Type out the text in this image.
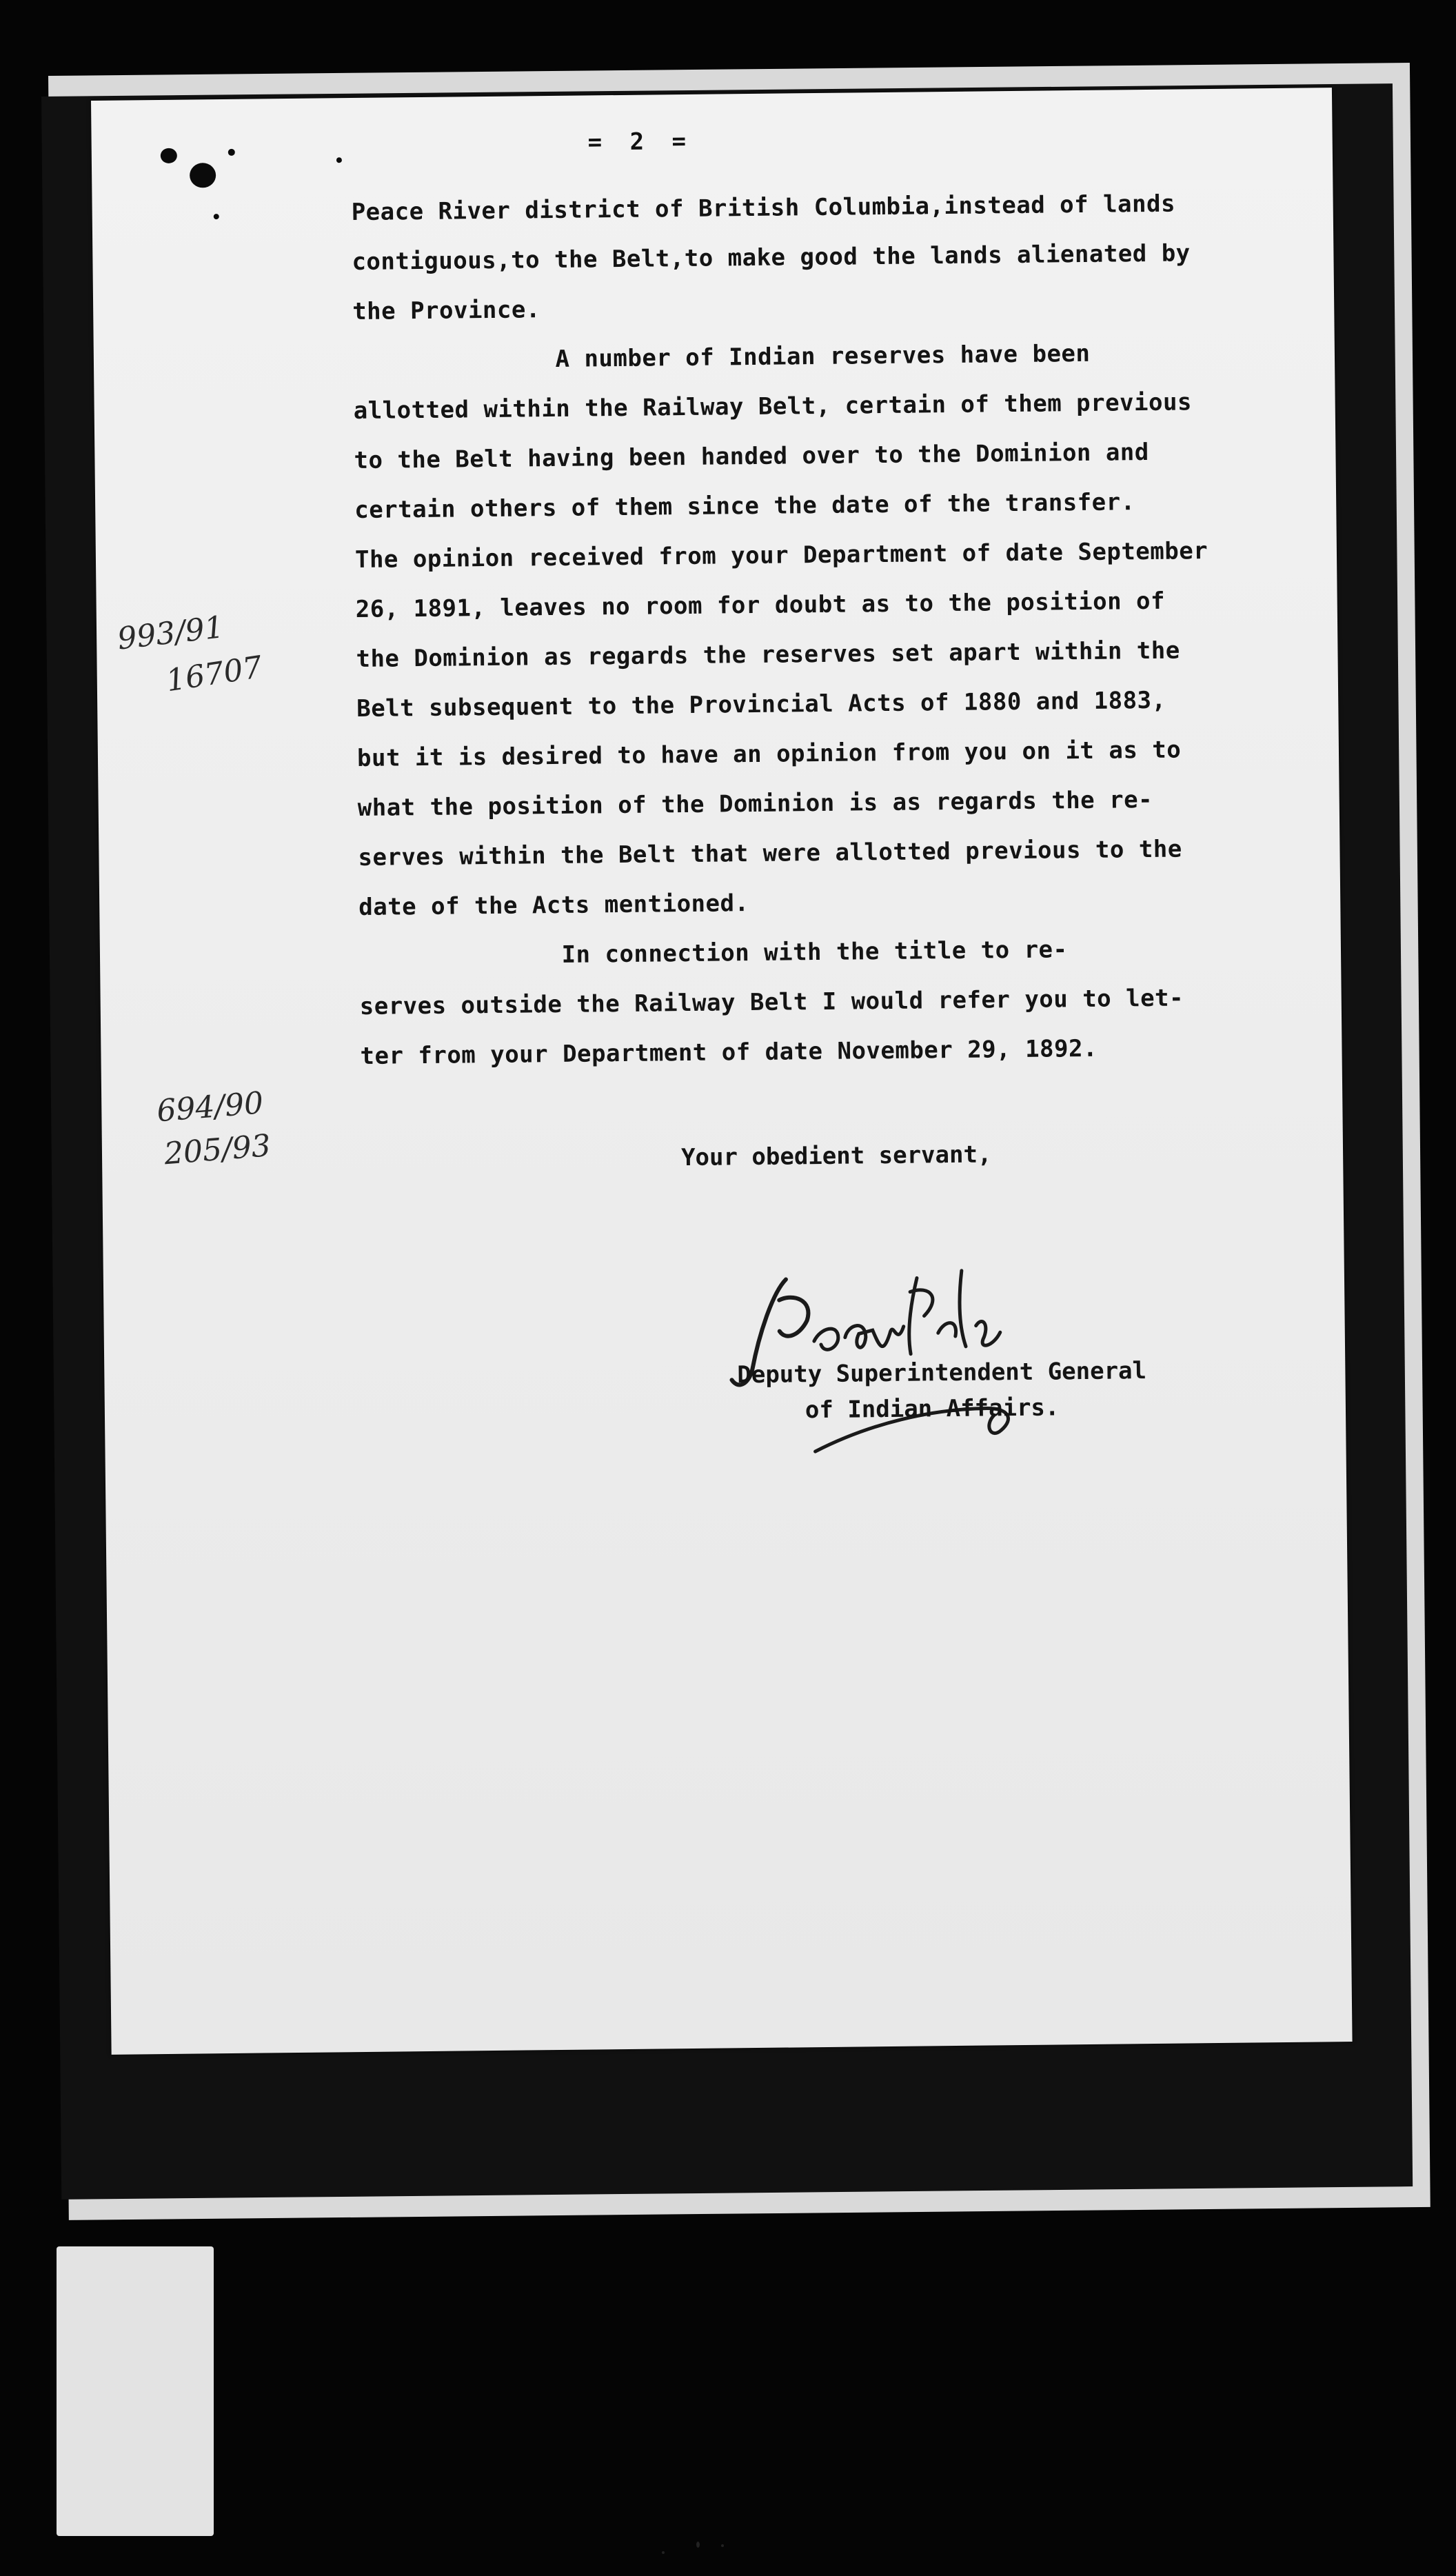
= 2 =
Peace River district of British Columbia,instead of lands
contiguous,to the Belt,to make good the lands alienated by
the Province.
A number of Indian reserves have been
allotted within the Railway Belt, certain of them previous
to the Belt having been handed over to the Dominion and
certain others of them since the date of the transfer.
The opinion received from your Department of date September
26, 1891, leaves no room for doubt as to the position of
the Dominion as regards the reserves set apart within the
Belt subsequent to the Provincial Acts of 1880 and 1883,
but it is desired to have an opinion from you on it as to
what the position of the Dominion is as regards the re-
serves within the Belt that were allotted previous to the
date of the Acts mentioned.
In connection with the title to re-
serves outside the Railway Belt I would refer you to let-
ter from your Department of date November 29, 1892.
Your obedient servant,
Deputy Superintendent General
of Indian Affairs.
993/91
16707
694/90
205/93
